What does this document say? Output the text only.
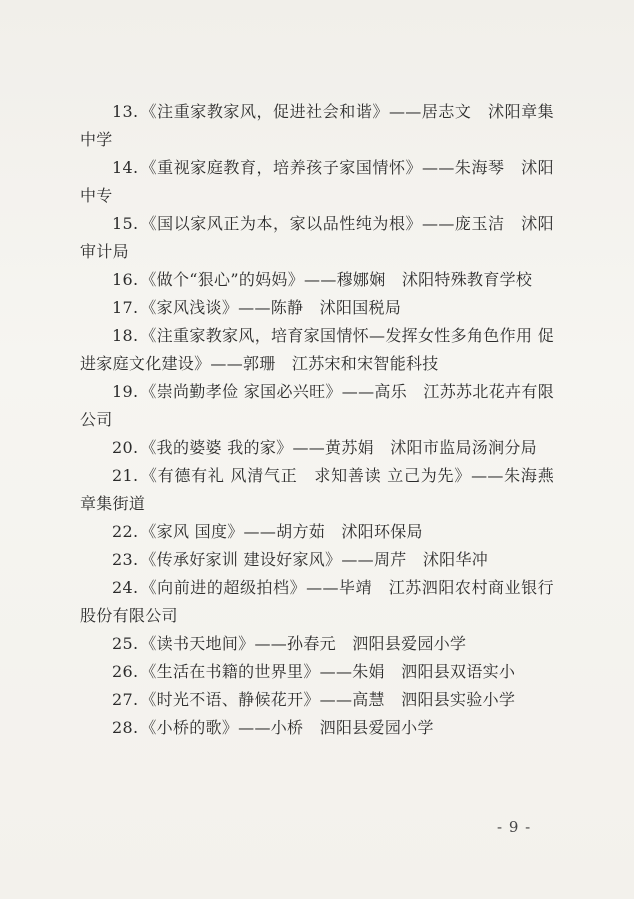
13. 《注重家教家风，促进社会和谐》——居志文　沭阳章集中学
14. 《重视家庭教育，培养孩子家国情怀》——朱海琴　沭阳中专
15. 《国以家风正为本，家以品性纯为根》——庞玉洁　沭阳审计局
16. 《做个“狠心”的妈妈》——穆娜娴　沭阳特殊教育学校
17. 《家风浅谈》——陈静　沭阳国税局
18. 《注重家教家风，培育家国情怀—发挥女性多角色作用 促进家庭文化建设》——郭珊　江苏宋和宋智能科技
19. 《崇尚勤孝俭 家国必兴旺》——高乐　江苏苏北花卉有限公司
20. 《我的婆婆 我的家》——黄苏娟　沭阳市监局汤涧分局
21. 《有德有礼 风清气正　求知善读 立己为先》——朱海燕　章集街道
22. 《家风 国度》——胡方茹　沭阳环保局
23. 《传承好家训 建设好家风》——周芹　沭阳华冲
24. 《向前进的超级拍档》——毕靖　江苏泗阳农村商业银行股份有限公司
25. 《读书天地间》——孙春元　泗阳县爱园小学
26. 《生活在书籍的世界里》——朱娟　泗阳县双语实小
27. 《时光不语、静候花开》——高慧　泗阳县实验小学
28. 《小桥的歌》——小桥　泗阳县爱园小学
- 9 -
